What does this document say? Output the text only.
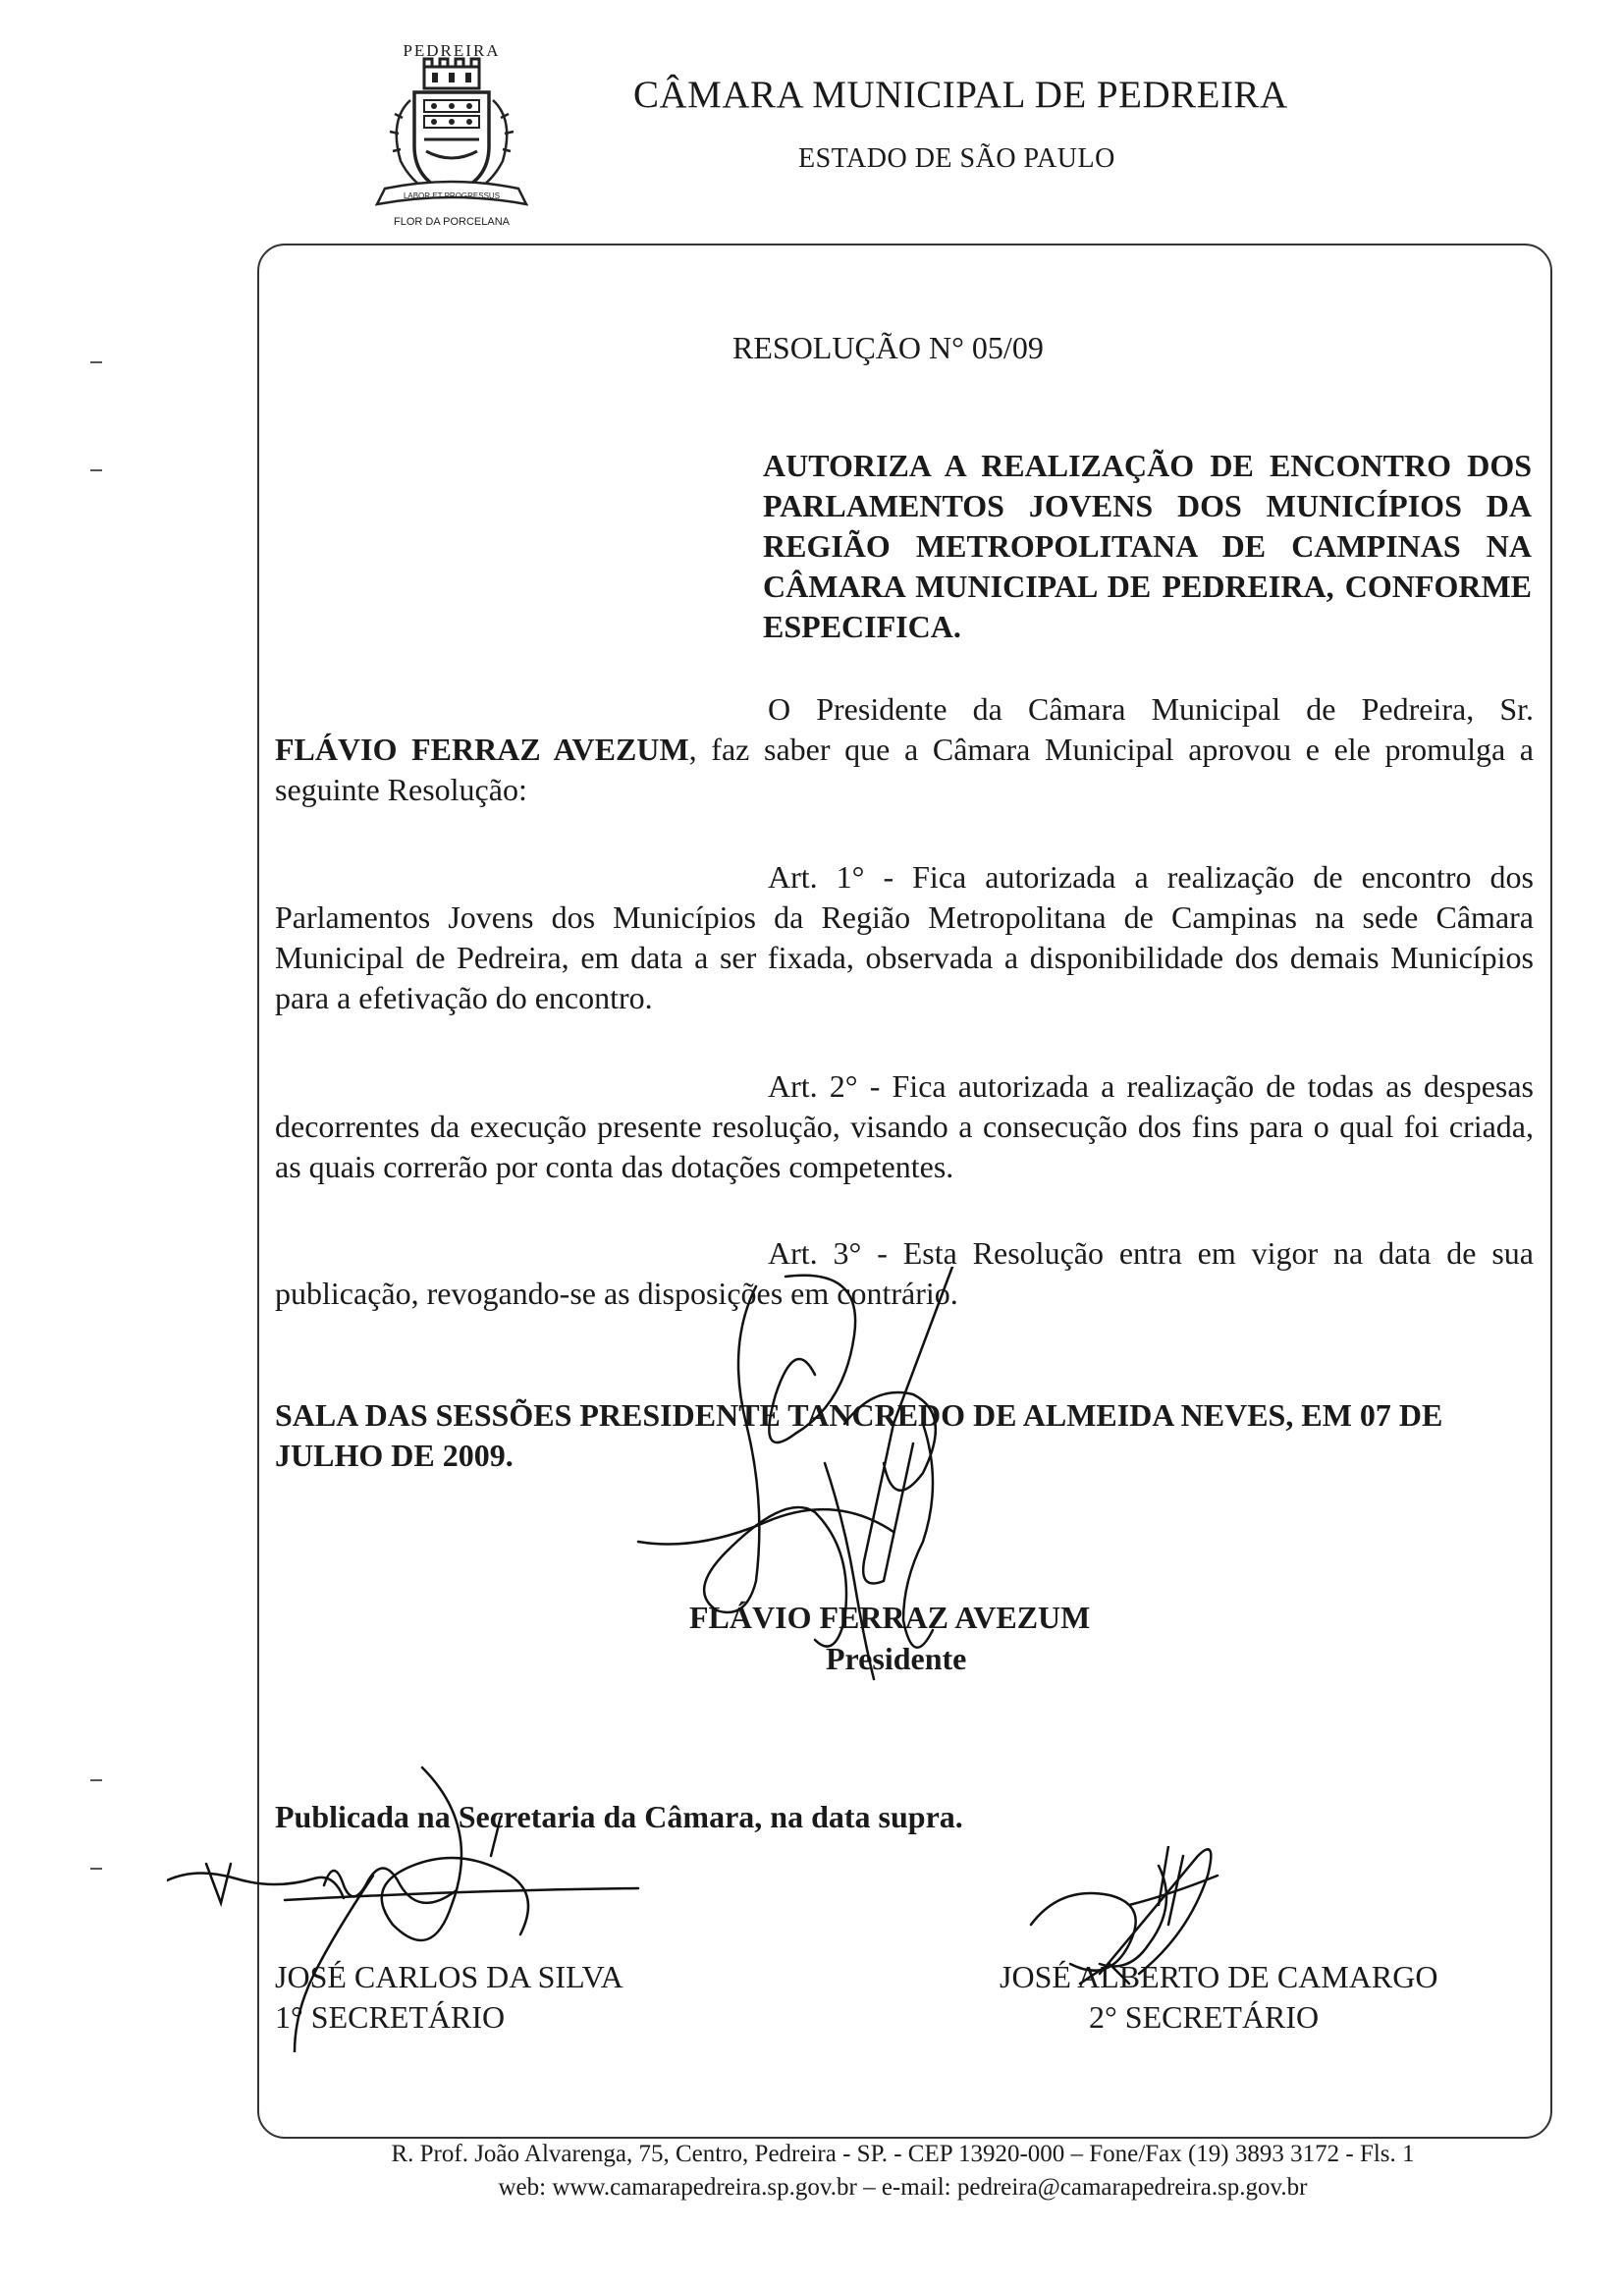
PEDREIRA
LABOR ET PROGRESSUS
FLOR DA PORCELANA
CÂMARA MUNICIPAL DE PEDREIRA
ESTADO DE SÃO PAULO
RESOLUÇÃO N° 05/09
AUTORIZA A REALIZAÇÃO DE ENCONTRO DOS PARLAMENTOS JOVENS DOS MUNICÍPIOS DA REGIÃO METROPOLITANA DE CAMPINAS NA CÂMARA MUNICIPAL DE PEDREIRA, CONFORME ESPECIFICA.

O Presidente da Câmara Municipal de Pedreira, Sr. FLÁVIO FERRAZ AVEZUM, faz saber que a Câmara Municipal aprovou e ele promulga a seguinte Resolução:

Art. 1° - Fica autorizada a realização de encontro dos Parlamentos Jovens dos Municípios da Região Metropolitana de Campinas na sede Câmara Municipal de Pedreira, em data a ser fixada, observada a disponibilidade dos demais Municípios para a efetivação do encontro.

Art. 2° - Fica autorizada a realização de todas as despesas decorrentes da execução presente resolução, visando a consecução dos fins para o qual foi criada, as quais correrão por conta das dotações competentes.

Art. 3° - Esta Resolução entra em vigor na data de sua publicação, revogando-se as disposições em contrário.

SALA DAS SESSÕES PRESIDENTE TANCREDO DE ALMEIDA NEVES, EM 07 DE JULHO DE 2009.
FLÁVIO FERRAZ AVEZUM
Presidente
Publicada na Secretaria da Câmara, na data supra.
JOSÉ CARLOS DA SILVA
1° SECRETÁRIO
JOSÉ ALBERTO DE CAMARGO
2° SECRETÁRIO
R. Prof. João Alvarenga, 75, Centro, Pedreira - SP. - CEP 13920-000 – Fone/Fax (19) 3893 3172 - Fls. 1
web: www.camarapedreira.sp.gov.br – e-mail: pedreira@camarapedreira.sp.gov.br
